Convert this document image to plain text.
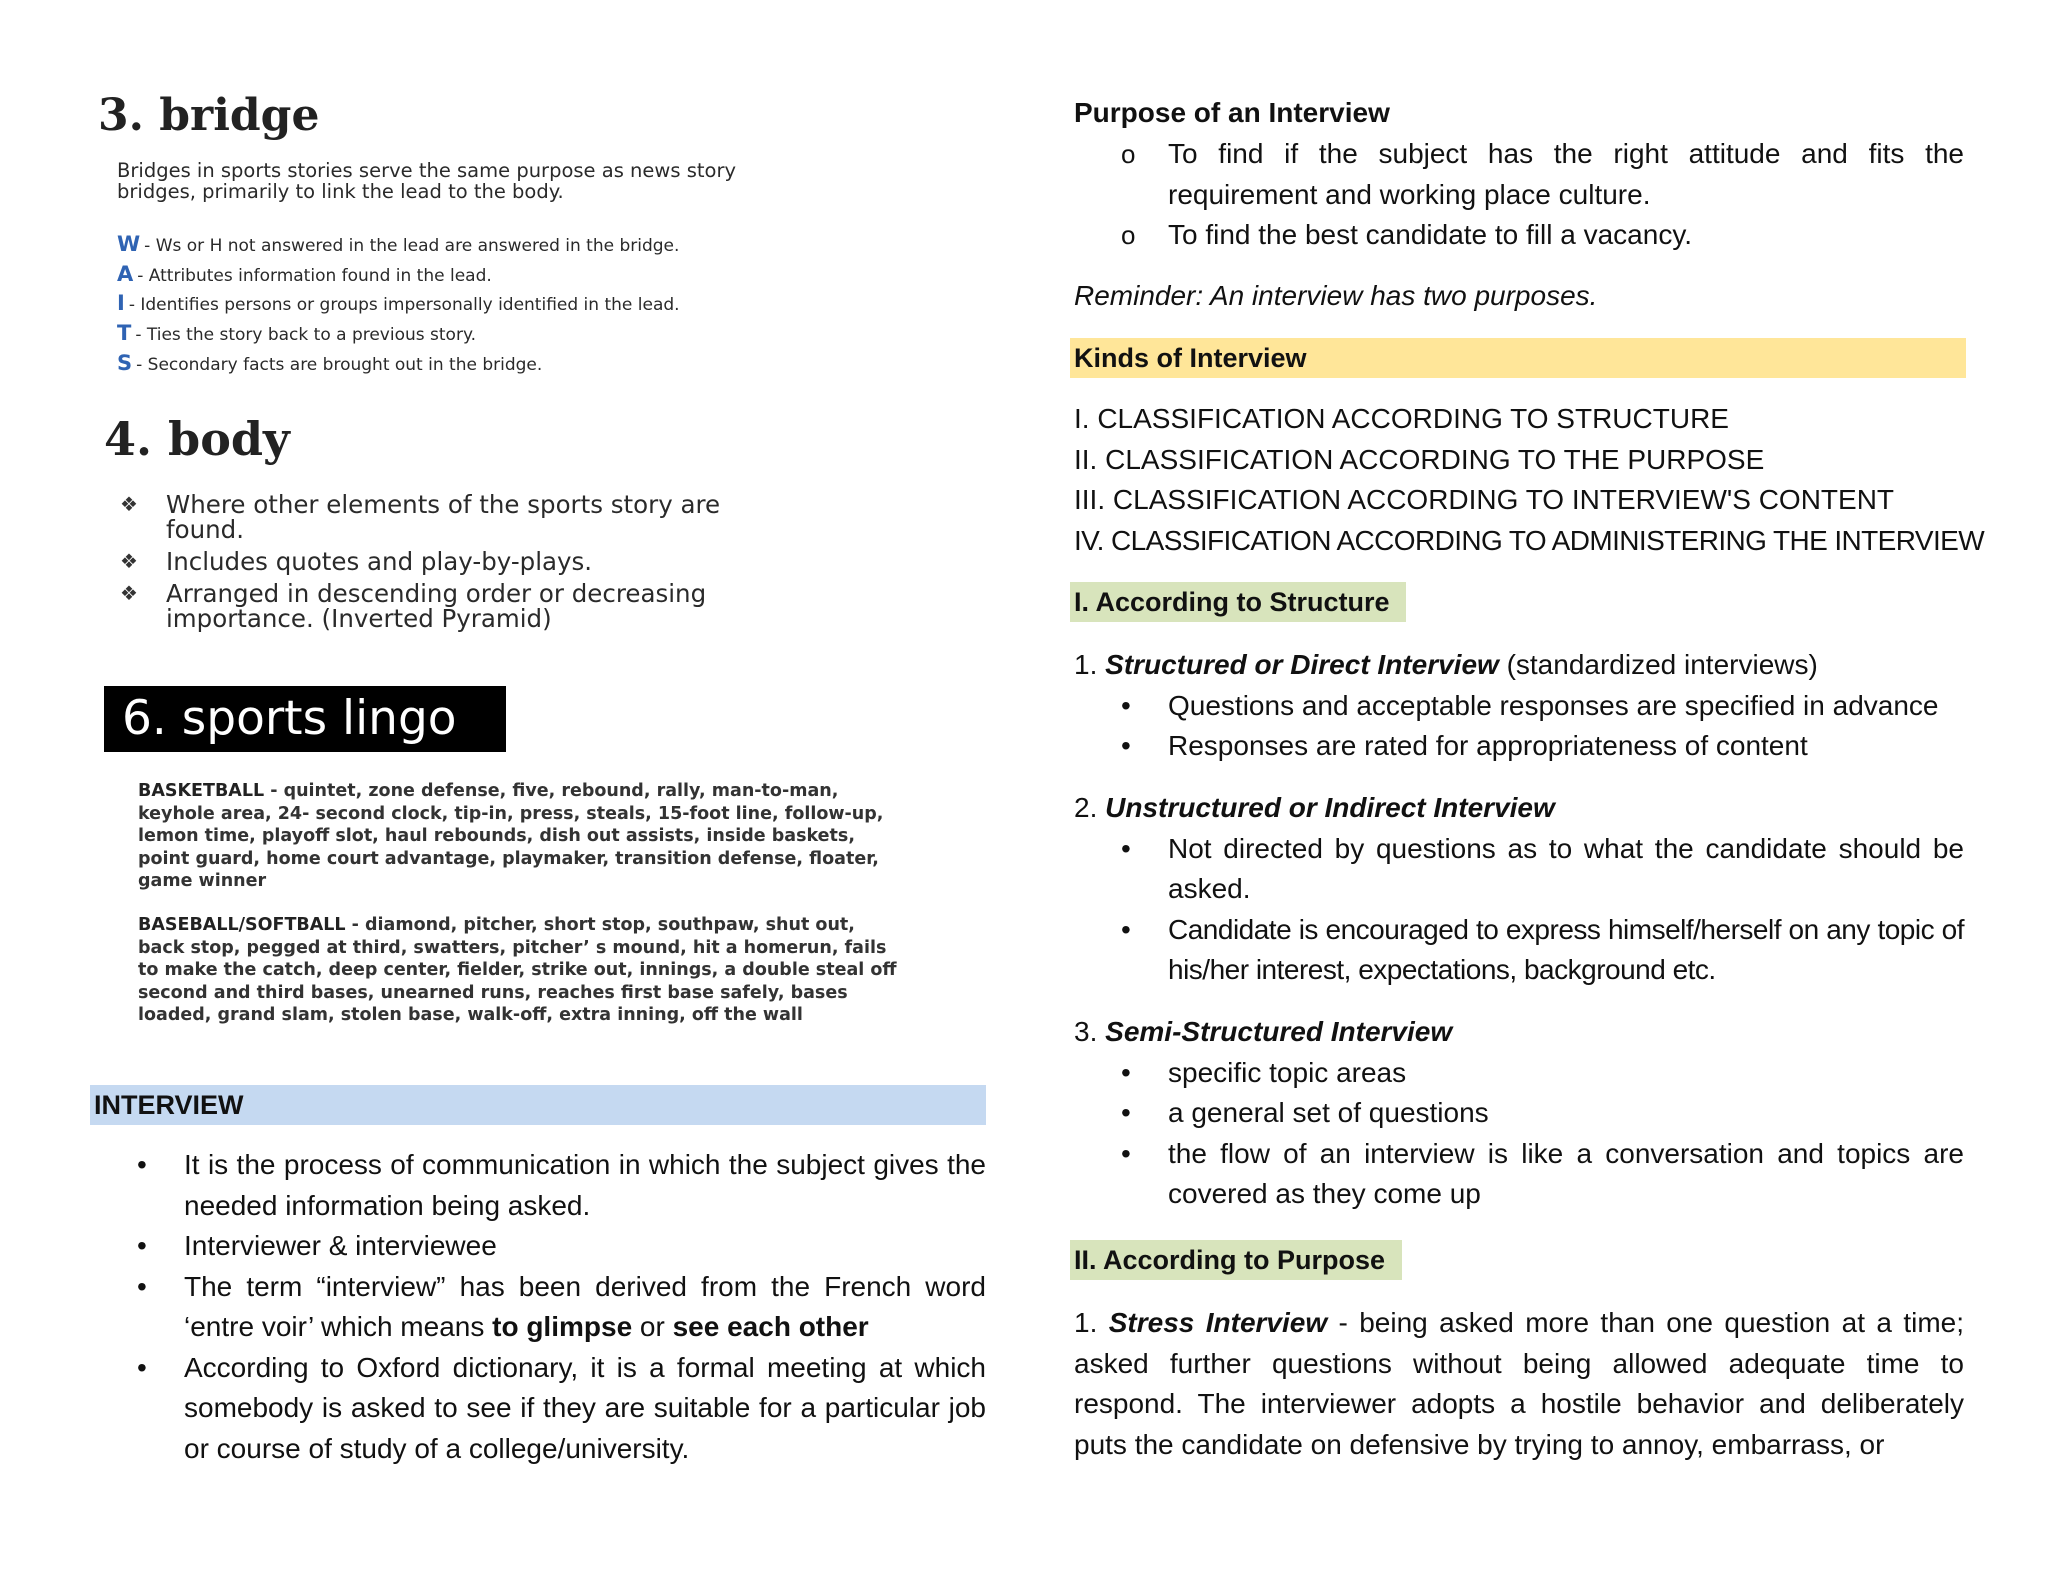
3. bridge

Bridges in sports stories serve the same purpose as news story bridges, primarily to link the lead to the body.

W - Ws or H not answered in the lead are answered in the bridge.
A - Attributes information found in the lead.
I - Identifies persons or groups impersonally identified in the lead.
T - Ties the story back to a previous story.
S - Secondary facts are brought out in the bridge.
4. body
❖ Where other elements of the sports story are found.
❖ Includes quotes and play-by-plays.
❖ Arranged in descending order or decreasing importance. (Inverted Pyramid)
6. sports lingo
BASKETBALL - quintet, zone defense, five, rebound, rally, man-to-man, keyhole area, 24- second clock, tip-in, press, steals, 15-foot line, follow-up, lemon time, playoff slot, haul rebounds, dish out assists, inside baskets, point guard, home court advantage, playmaker, transition defense, floater, game winner
BASEBALL/SOFTBALL - diamond, pitcher, short stop, southpaw, shut out, back stop, pegged at third, swatters, pitcher’ s mound, hit a homerun, fails to make the catch, deep center, fielder, strike out, innings, a double steal off second and third bases, unearned runs, reaches first base safely, bases loaded, grand slam, stolen base, walk-off, extra inning, off the wall
INTERVIEW
• It is the process of communication in which the subject gives the needed information being asked.
• Interviewer & interviewee
• The term “interview” has been derived from the French word ‘entre voir’ which means to glimpse or see each other
• According to Oxford dictionary, it is a formal meeting at which somebody is asked to see if they are suitable for a particular job or course of study of a college/university.
Purpose of an Interview
o To find if the subject has the right attitude and fits the requirement and working place culture.
o To find the best candidate to fill a vacancy.
Reminder: An interview has two purposes.
Kinds of Interview
I. CLASSIFICATION ACCORDING TO STRUCTURE
II. CLASSIFICATION ACCORDING TO THE PURPOSE
III. CLASSIFICATION ACCORDING TO INTERVIEW'S CONTENT
IV. CLASSIFICATION ACCORDING TO ADMINISTERING THE INTERVIEW
I. According to Structure
1. Structured or Direct Interview (standardized interviews)
• Questions and acceptable responses are specified in advance
• Responses are rated for appropriateness of content
2. Unstructured or Indirect Interview
• Not directed by questions as to what the candidate should be asked.
• Candidate is encouraged to express himself/herself on any topic of his/her interest, expectations, background etc.
3. Semi-Structured Interview
• specific topic areas
• a general set of questions
• the flow of an interview is like a conversation and topics are covered as they come up
II. According to Purpose
1. Stress Interview - being asked more than one question at a time; asked further questions without being allowed adequate time to respond. The interviewer adopts a hostile behavior and deliberately puts the candidate on defensive by trying to annoy, embarrass, or
